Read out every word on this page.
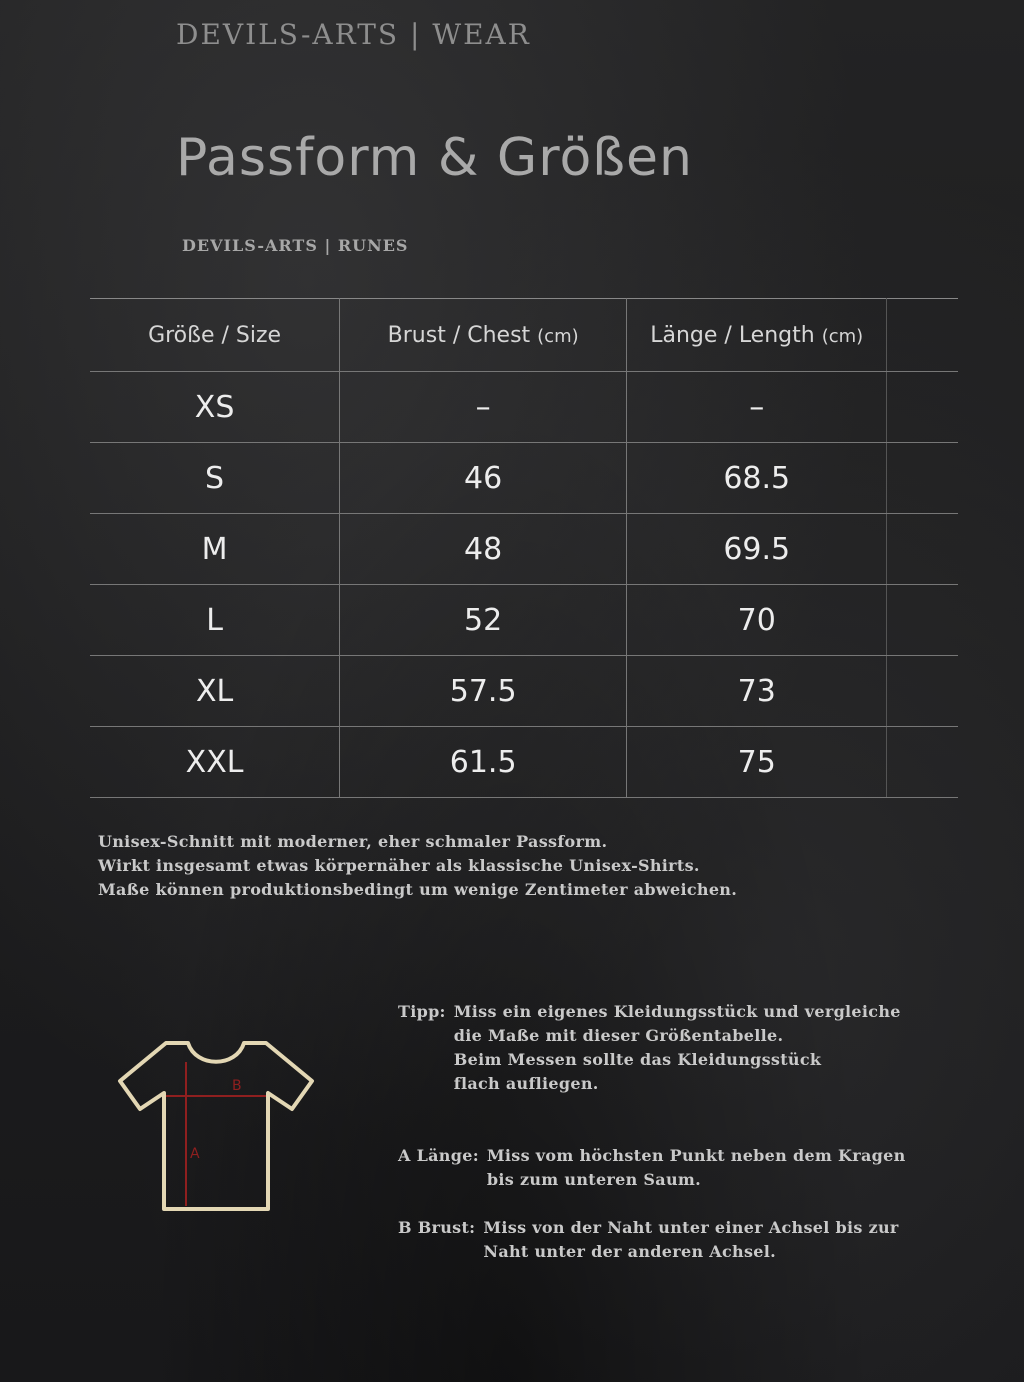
DEVILS-ARTS | WEAR
Passform & Größen
DEVILS-ARTS | RUNES
Größe / Size	Brust / Chest (cm)	Länge / Length (cm)	
XS	–	–	
S	46	68.5	
M	48	69.5	
L	52	70	
XL	57.5	73	
XXL	61.5	75	
Unisex-Schnitt mit moderner, eher schmaler Passform.
Wirkt insgesamt etwas körpernäher als klassische Unisex-Shirts.
Maße können produktionsbedingt um wenige Zentimeter abweichen.
A
B
Tipp: Miss ein eigenes Kleidungsstück und vergleiche
die Maße mit dieser Größentabelle.
Beim Messen sollte das Kleidungsstück
flach aufliegen.
A Länge: Miss vom höchsten Punkt neben dem Kragen
bis zum unteren Saum.
B Brust: Miss von der Naht unter einer Achsel bis zur
Naht unter der anderen Achsel.
